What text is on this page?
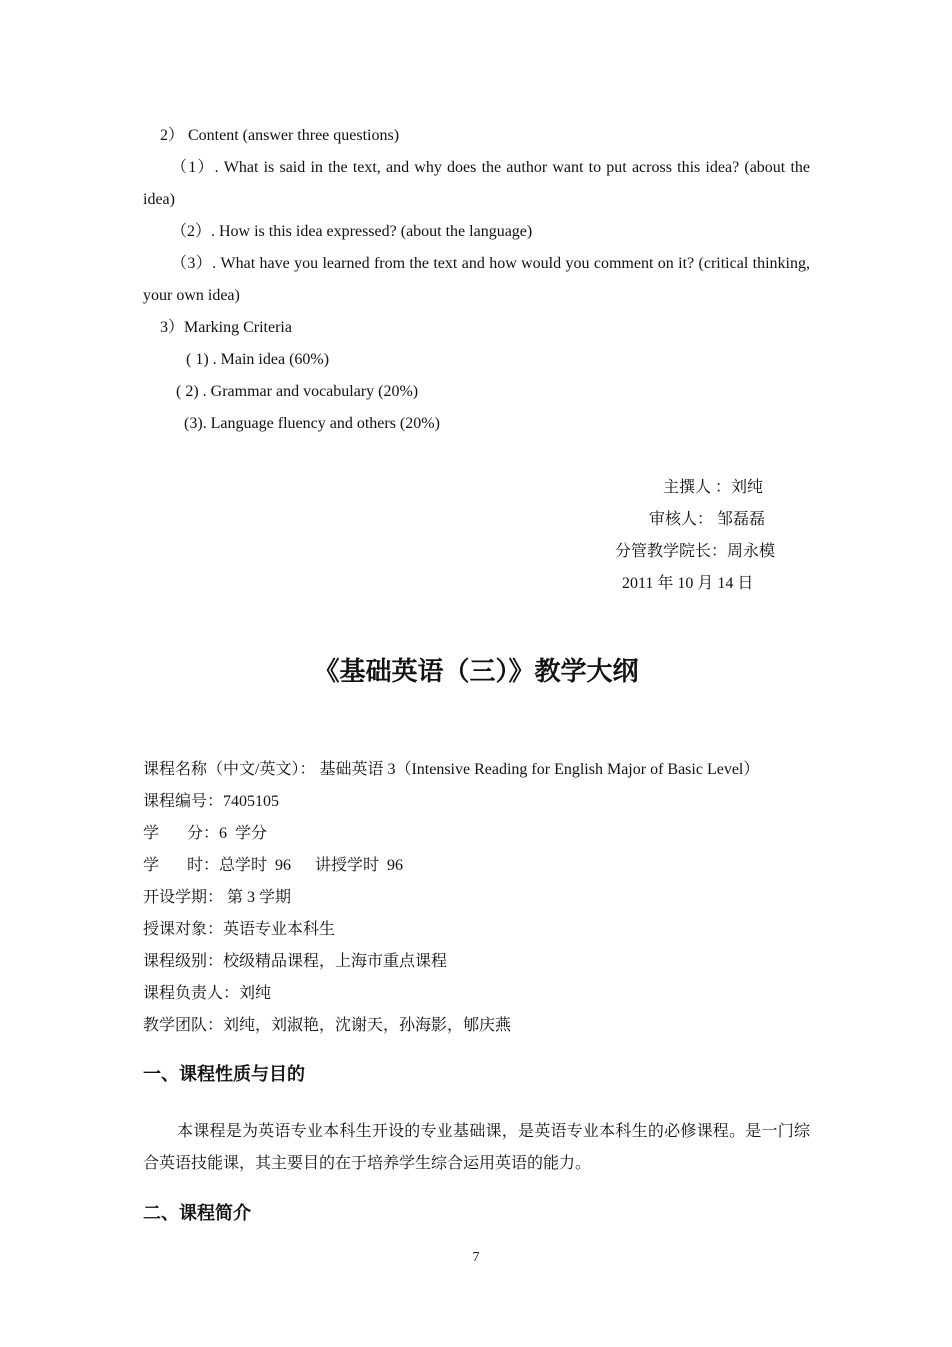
2） Content (answer three questions)
（1）. What is said in the text, and why does the author want to put across this idea? (about the idea)
（2）. How is this idea expressed? (about the language)
（3）. What have you learned from the text and how would you comment on it? (critical thinking, your own idea)
3）Marking Criteria
( 1) . Main idea (60%)
( 2) . Grammar and vocabulary (20%)
(3). Language fluency and others (20%)
主撰人 ：刘纯
审核人： 邹磊磊
分管教学院长：周永模
2011 年 10 月 14 日
《基础英语（三）》教学大纲
课程名称（中文/英文）： 基础英语 3（Intensive Reading for English Major of Basic Level）
课程编号：7405105
学       分：6  学分
学       时：总学时  96      讲授学时  96
开设学期： 第 3 学期
授课对象：英语专业本科生
课程级别：校级精品课程，上海市重点课程
课程负责人：刘纯
教学团队：刘纯，刘淑艳，沈谢天，孙海影，郇庆燕
一、课程性质与目的
本课程是为英语专业本科生开设的专业基础课，是英语专业本科生的必修课程。是一门综合英语技能课，其主要目的在于培养学生综合运用英语的能力。
二、课程简介
7
